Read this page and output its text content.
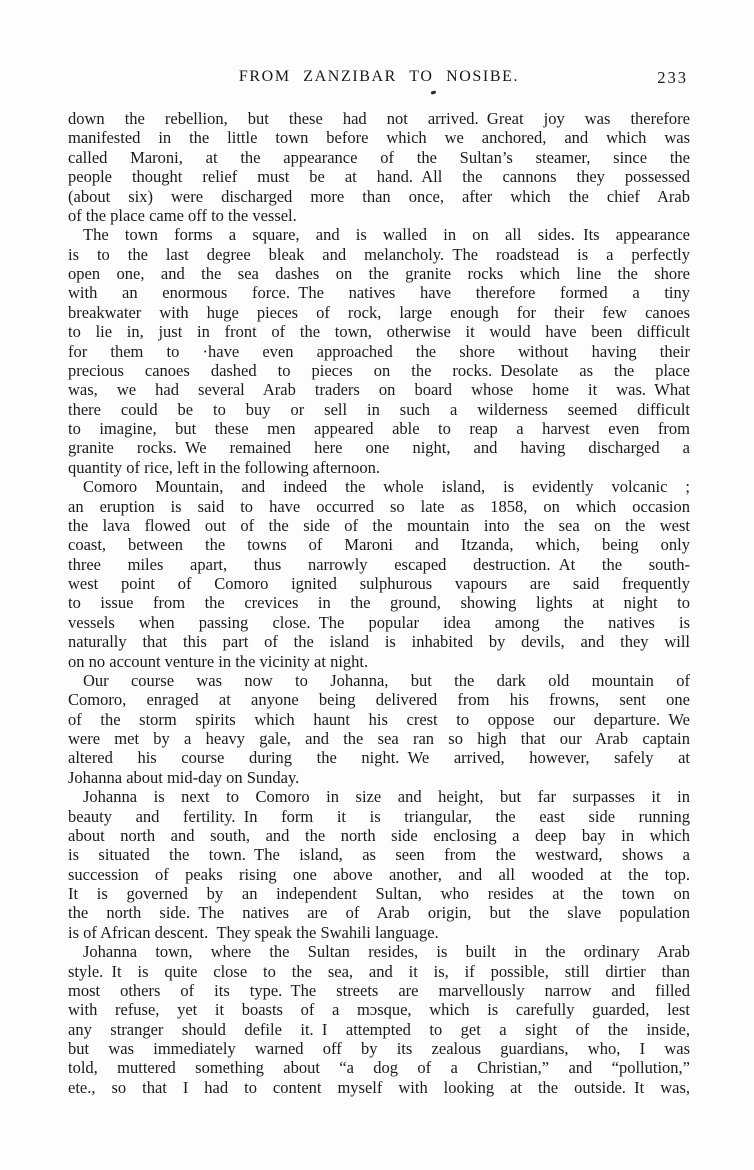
FROM ZANZIBAR TO NOSIBE.	233
down the rebellion, but these had not arrived. Great joy was therefore
manifested in the little town before which we anchored, and which was
called Maroni, at the appearance of the Sultan’s steamer, since the
people thought relief must be at hand. All the cannons they possessed
(about six) were discharged more than once, after which the chief Arab
of the place came off to the vessel.
The town forms a square, and is walled in on all sides. Its appearance
is to the last degree bleak and melancholy. The roadstead is a perfectly
open one, and the sea dashes on the granite rocks which line the shore
with an enormous force. The natives have therefore formed a tiny
breakwater with huge pieces of rock, large enough for their few canoes
to lie in, just in front of the town, otherwise it would have been difficult
for them to ·have even approached the shore without having their
precious canoes dashed to pieces on the rocks. Desolate as the place
was, we had several Arab traders on board whose home it was. What
there could be to buy or sell in such a wilderness seemed difficult
to imagine, but these men appeared able to reap a harvest even from
granite rocks. We remained here one night, and having discharged a
quantity of rice, left in the following afternoon.
Comoro Mountain, and indeed the whole island, is evidently volcanic ;
an eruption is said to have occurred so late as 1858, on which occasion
the lava flowed out of the side of the mountain into the sea on the west
coast, between the towns of Maroni and Itzanda, which, being only
three miles apart, thus narrowly escaped destruction. At the south-
west point of Comoro ignited sulphurous vapours are said frequently
to issue from the crevices in the ground, showing lights at night to
vessels when passing close. The popular idea among the natives is
naturally that this part of the island is inhabited by devils, and they will
on no account venture in the vicinity at night.
Our course was now to Johanna, but the dark old mountain of
Comoro, enraged at anyone being delivered from his frowns, sent one
of the storm spirits which haunt his crest to oppose our departure. We
were met by a heavy gale, and the sea ran so high that our Arab captain
altered his course during the night. We arrived, however, safely at
Johanna about mid-day on Sunday.
Johanna is next to Comoro in size and height, but far surpasses it in
beauty and fertility. In form it is triangular, the east side running
about north and south, and the north side enclosing a deep bay in which
is situated the town. The island, as seen from the westward, shows a
succession of peaks rising one above another, and all wooded at the top.
It is governed by an independent Sultan, who resides at the town on
the north side. The natives are of Arab origin, but the slave population
is of African descent. They speak the Swahili language.
Johanna town, where the Sultan resides, is built in the ordinary Arab
style. It is quite close to the sea, and it is, if possible, still dirtier than
most others of its type. The streets are marvellously narrow and filled
with refuse, yet it boasts of a mɔsque, which is carefully guarded, lest
any stranger should defile it. I attempted to get a sight of the inside,
but was immediately warned off by its zealous guardians, who, I was
told, muttered something about “a dog of a Christian,” and “pollution,”
ete., so that I had to content myself with looking at the outside. It was,
